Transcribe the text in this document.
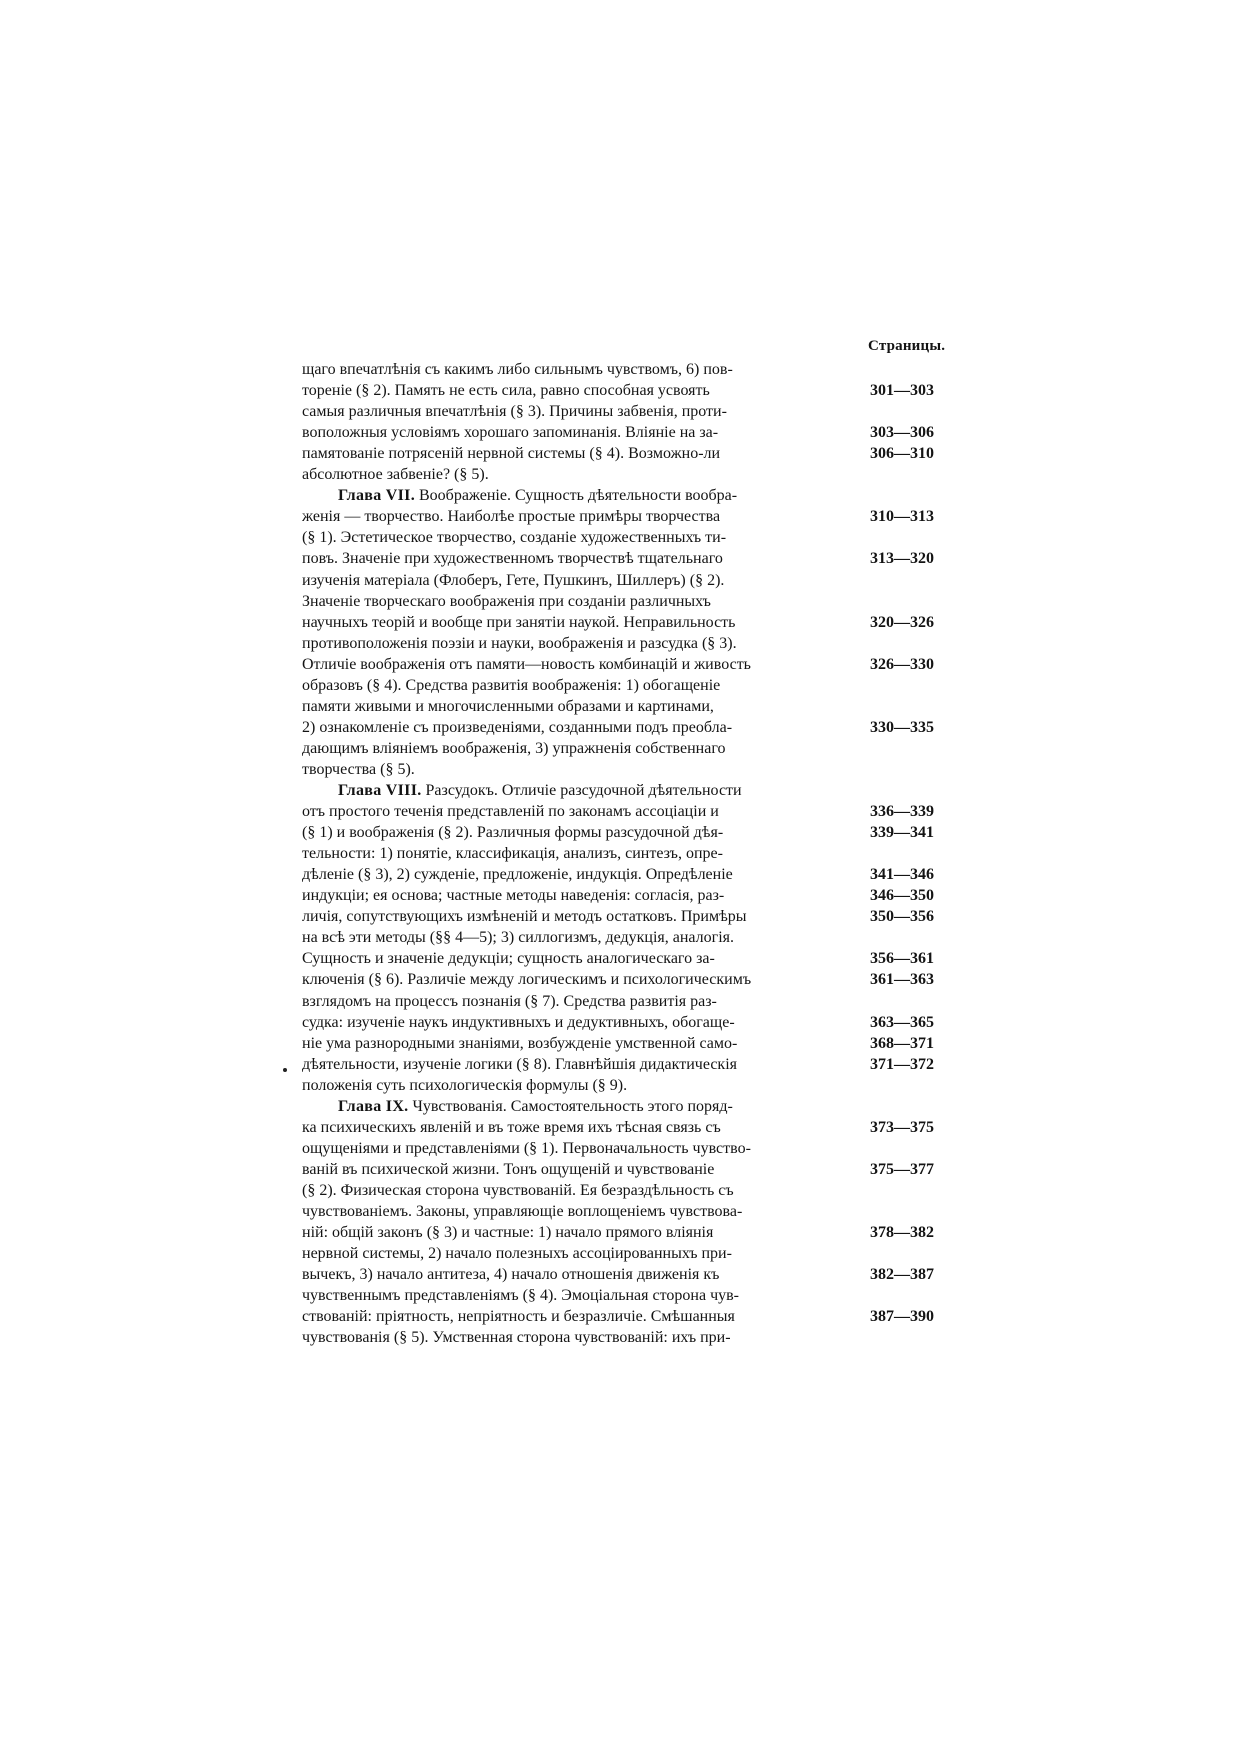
Страницы.
щаго впечатлѣнія съ какимъ либо сильнымъ чувствомъ, 6) пов-
тореніе (§ 2). Память не есть сила, равно способная усвоять	301—303
самыя различныя впечатлѣнія (§ 3). Причины забвенія, проти-
воположныя условіямъ хорошаго запоминанія. Вліяніе на за-	303—306
памятованіе потрясеній нервной системы (§ 4). Возможно-ли	306—310
абсолютное забвеніе? (§ 5).
Глава VII. Воображеніе. Сущность дѣятельности вообра-
женія — творчество. Наиболѣе простые примѣры творчества	310—313
(§ 1). Эстетическое творчество, созданіе художественныхъ ти-
повъ. Значеніе при художественномъ творчествѣ тщательнаго	313—320
изученія матеріала (Флоберъ, Гете, Пушкинъ, Шиллеръ) (§ 2).
Значеніе творческаго воображенія при созданіи различныхъ
научныхъ теорій и вообще при занятіи наукой. Неправильность	320—326
противоположенія поэзіи и науки, воображенія и разсудка (§ 3).
Отличіе воображенія отъ памяти—новость комбинацій и живость	326—330
образовъ (§ 4). Средства развитія воображенія: 1) обогащеніе
памяти живыми и многочисленными образами и картинами,
2) ознакомленіе съ произведеніями, созданными подъ преобла-	330—335
дающимъ вліяніемъ воображенія, 3) упражненія собственнаго
творчества (§ 5).
Глава VIII. Разсудокъ. Отличіе разсудочной дѣятельности
отъ простого теченія представленій по законамъ ассоціаціи и	336—339
(§ 1) и воображенія (§ 2). Различныя формы разсудочной дѣя-	339—341
тельности: 1) понятіе, классификація, анализъ, синтезъ, опре-
дѣленіе (§ 3), 2) сужденіе, предложеніе, индукція. Опредѣленіе	341—346
индукціи; ея основа; частные методы наведенія: согласія, раз-	346—350
личія, сопутствующихъ измѣненій и методъ остатковъ. Примѣры	350—356
на всѣ эти методы (§§ 4—5); 3) силлогизмъ, дедукція, аналогія.
Сущность и значеніе дедукціи; сущность аналогическаго за-	356—361
ключенія (§ 6). Различіе между логическимъ и психологическимъ	361—363
взглядомъ на процессъ познанія (§ 7). Средства развитія раз-
судка: изученіе наукъ индуктивныхъ и дедуктивныхъ, обогаще-	363—365
ніе ума разнородными знаніями, возбужденіе умственной само-	368—371
дѣятельности, изученіе логики (§ 8). Главнѣйшія дидактическія	371—372
положенія суть психологическія формулы (§ 9).
Глава IX. Чувствованія. Самостоятельность этого поряд-
ка психическихъ явленій и въ тоже время ихъ тѣсная связь съ	373—375
ощущеніями и представленіями (§ 1). Первоначальность чувство-
ваній въ психической жизни. Тонъ ощущеній и чувствованіе	375—377
(§ 2). Физическая сторона чувствованій. Ея безраздѣльность съ
чувствованіемъ. Законы, управляющіе воплощеніемъ чувствова-
ній: общій законъ (§ 3) и частные: 1) начало прямого вліянія	378—382
нервной системы, 2) начало полезныхъ ассоціированныхъ при-
вычекъ, 3) начало антитеза, 4) начало отношенія движенія къ	382—387
чувственнымъ представленіямъ (§ 4). Эмоціальная сторона чув-
ствованій: пріятность, непріятность и безразличіе. Смѣшанныя	387—390
чувствованія (§ 5). Умственная сторона чувствованій: ихъ при-
